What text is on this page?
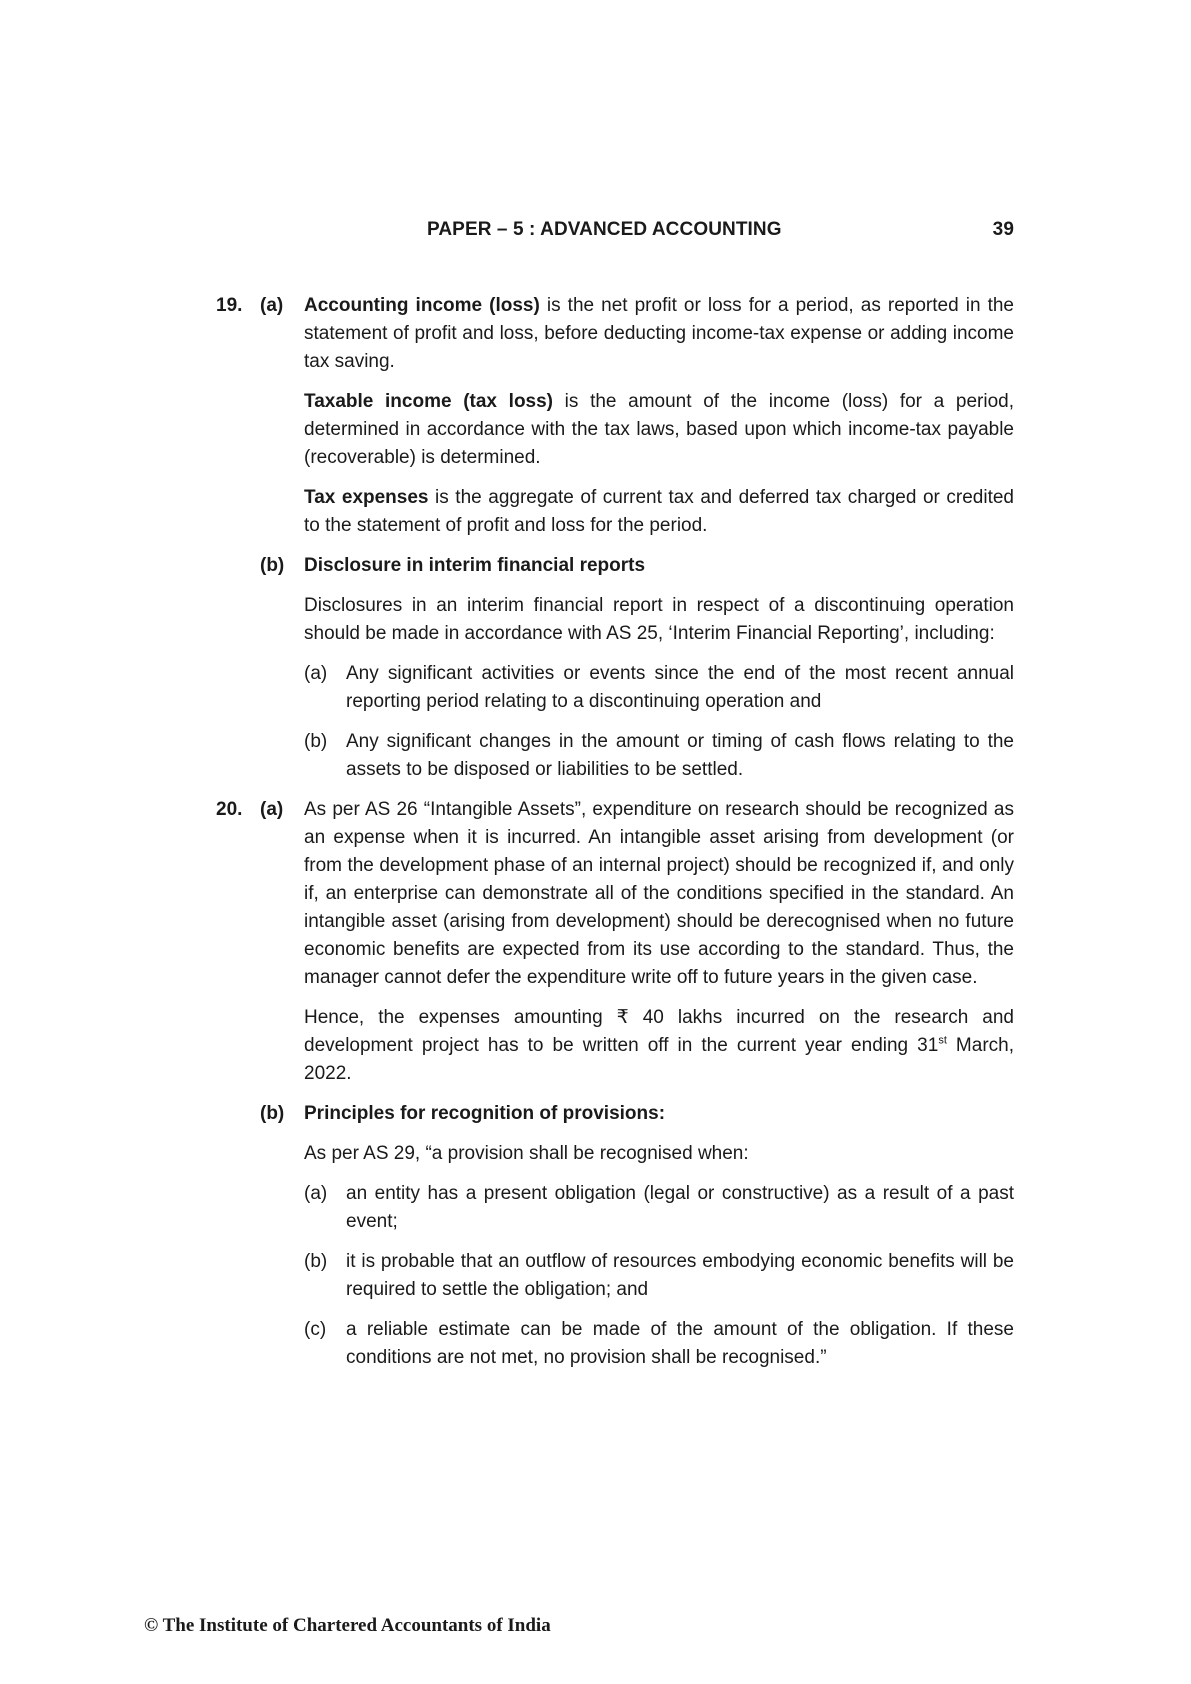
PAPER – 5 : ADVANCED ACCOUNTING	39
19. (a) Accounting income (loss) is the net profit or loss for a period, as reported in the statement of profit and loss, before deducting income-tax expense or adding income tax saving.

Taxable income (tax loss) is the amount of the income (loss) for a period, determined in accordance with the tax laws, based upon which income-tax payable (recoverable) is determined.

Tax expenses is the aggregate of current tax and deferred tax charged or credited to the statement of profit and loss for the period.

(b) Disclosure in interim financial reports

Disclosures in an interim financial report in respect of a discontinuing operation should be made in accordance with AS 25, ‘Interim Financial Reporting’, including:

(a) Any significant activities or events since the end of the most recent annual reporting period relating to a discontinuing operation and
(b) Any significant changes in the amount or timing of cash flows relating to the assets to be disposed or liabilities to be settled.
20. (a) As per AS 26 “Intangible Assets”, expenditure on research should be recognized as an expense when it is incurred. An intangible asset arising from development (or from the development phase of an internal project) should be recognized if, and only if, an enterprise can demonstrate all of the conditions specified in the standard. An intangible asset (arising from development) should be derecognised when no future economic benefits are expected from its use according to the standard. Thus, the manager cannot defer the expenditure write off to future years in the given case.

Hence, the expenses amounting ₹ 40 lakhs incurred on the research and development project has to be written off in the current year ending 31st March, 2022.

(b) Principles for recognition of provisions:

As per AS 29, “a provision shall be recognised when:

(a) an entity has a present obligation (legal or constructive) as a result of a past event;
(b) it is probable that an outflow of resources embodying economic benefits will be required to settle the obligation; and
(c) a reliable estimate can be made of the amount of the obligation. If these conditions are not met, no provision shall be recognised.”
© The Institute of Chartered Accountants of India
